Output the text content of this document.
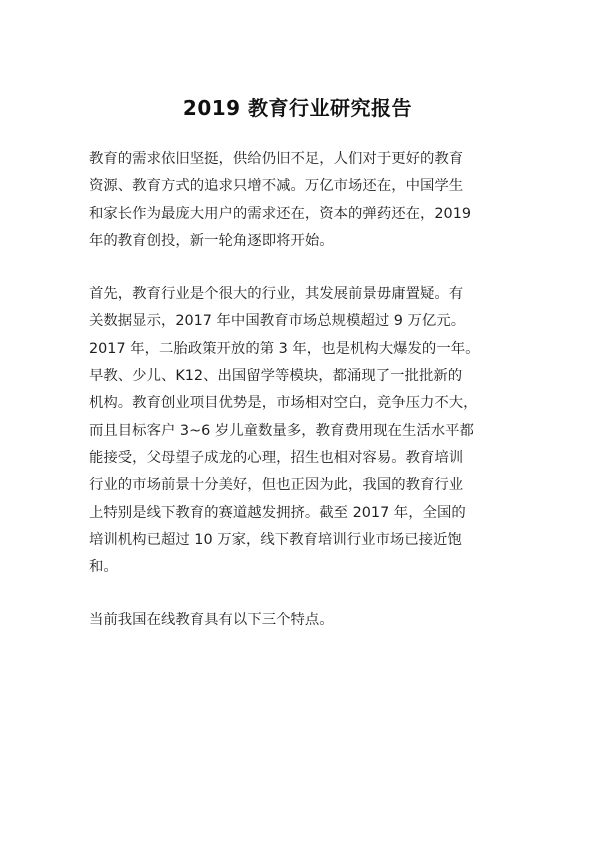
2019 教育行业研究报告

教育的需求依旧坚挺，供给仍旧不足，人们对于更好的教育
资源、教育方式的追求只增不减。万亿市场还在，中国学生
和家长作为最庞大用户的需求还在，资本的弹药还在，2019
年的教育创投，新一轮角逐即将开始。

首先，教育行业是个很大的行业，其发展前景毋庸置疑。有
关数据显示，2017 年中国教育市场总规模超过 9 万亿元。
2017 年，二胎政策开放的第 3 年，也是机构大爆发的一年。
早教、少儿、K12、出国留学等模块，都涌现了一批批新的
机构。教育创业项目优势是，市场相对空白，竞争压力不大，
而且目标客户 3~6 岁儿童数量多，教育费用现在生活水平都
能接受，父母望子成龙的心理，招生也相对容易。教育培训
行业的市场前景十分美好，但也正因为此，我国的教育行业
上特别是线下教育的赛道越发拥挤。截至 2017 年，全国的
培训机构已超过 10 万家，线下教育培训行业市场已接近饱
和。

当前我国在线教育具有以下三个特点。
